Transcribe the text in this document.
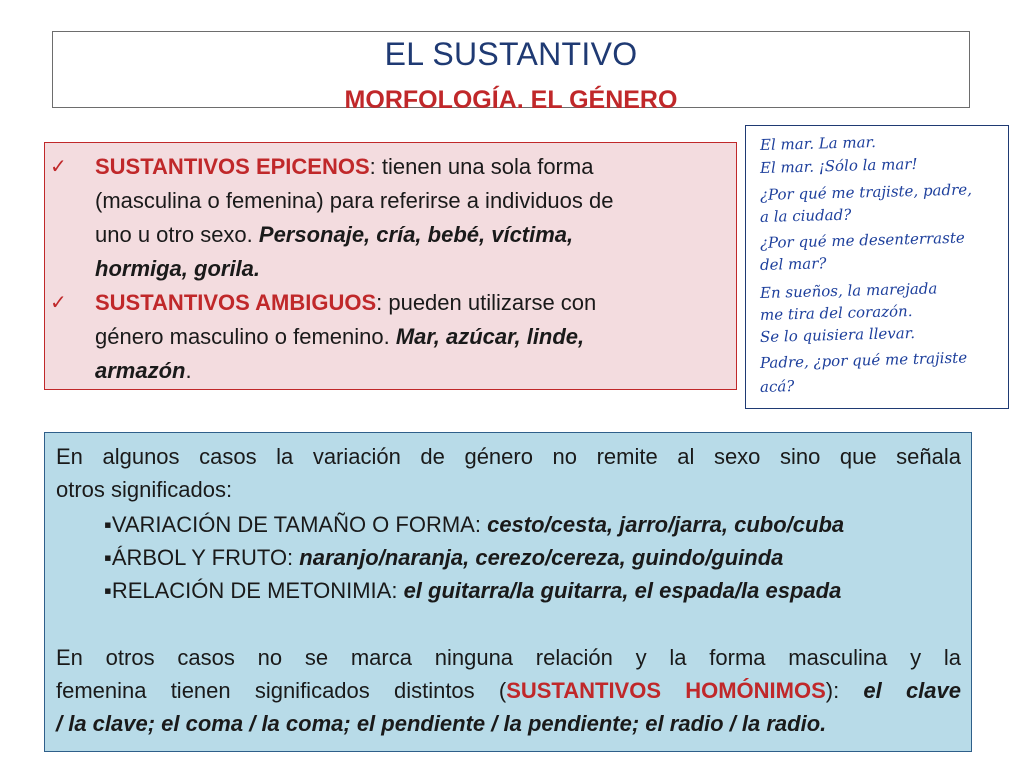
EL SUSTANTIVO
MORFOLOGÍA. EL GÉNERO
✓	SUSTANTIVOS EPICENOS: tienen una sola forma
(masculina o femenina) para referirse a individuos de
uno u otro sexo. Personaje, cría, bebé, víctima,
hormiga, gorila.
✓	SUSTANTIVOS AMBIGUOS: pueden utilizarse con
género masculino o femenino. Mar, azúcar, linde,
armazón.
El mar. La mar.
El mar. ¡Sólo la mar!
¿Por qué me trajiste, padre,
a la ciudad?
¿Por qué me desenterraste
del mar?
En sueños, la marejada
me tira del corazón.
Se lo quisiera llevar.
Padre, ¿por qué me trajiste
acá?
En algunos casos la variación de género no remite al sexo sino que señala
otros significados:
▪VARIACIÓN DE TAMAÑO O FORMA: cesto/cesta, jarro/jarra, cubo/cuba
▪ÁRBOL Y FRUTO: naranjo/naranja, cerezo/cereza, guindo/guinda
▪RELACIÓN DE METONIMIA: el guitarra/la guitarra, el espada/la espada
En otros casos no se marca ninguna relación y la forma masculina y la
femenina tienen significados distintos (SUSTANTIVOS HOMÓNIMOS): el clave
/ la clave; el coma / la coma; el pendiente / la pendiente; el radio / la radio.
